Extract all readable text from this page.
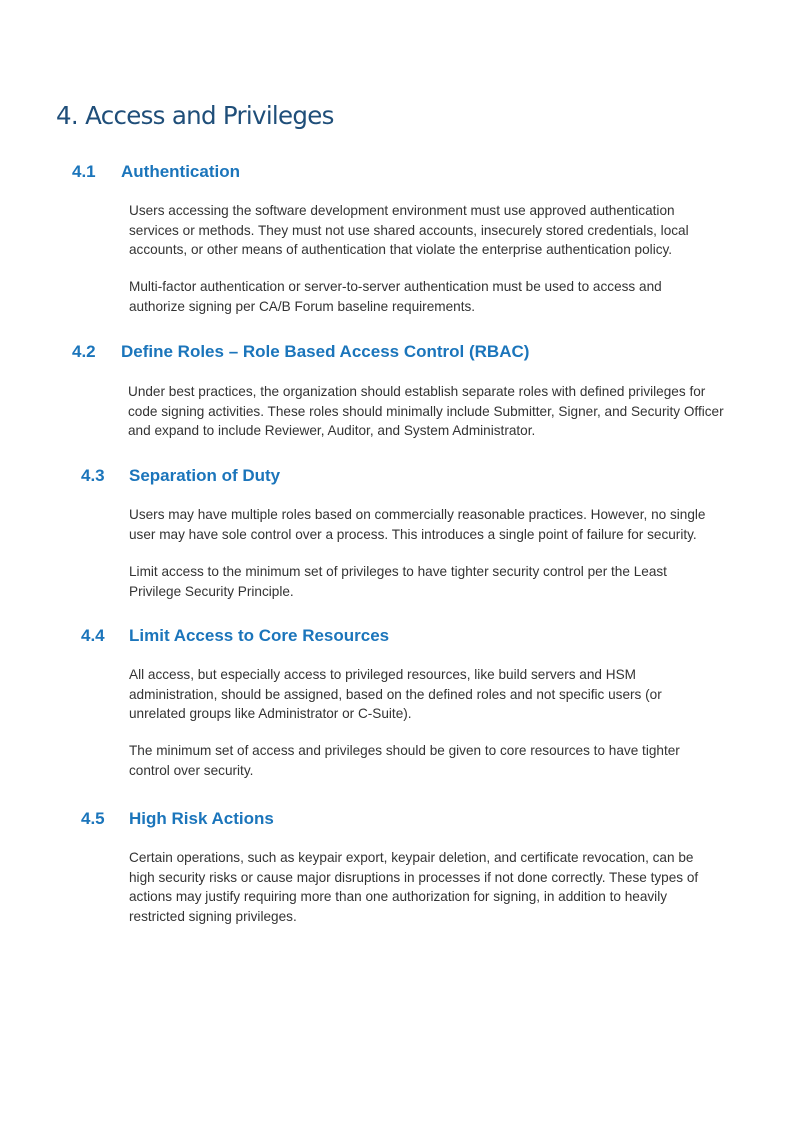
4. Access and Privileges
4.1 Authentication

Users accessing the software development environment must use approved authentication services or methods. They must not use shared accounts, insecurely stored credentials, local accounts, or other means of authentication that violate the enterprise authentication policy.

Multi-factor authentication or server-to-server authentication must be used to access and authorize signing per CA/B Forum baseline requirements.

4.2 Define Roles – Role Based Access Control (RBAC)

Under best practices, the organization should establish separate roles with defined privileges for code signing activities. These roles should minimally include Submitter, Signer, and Security Officer and expand to include Reviewer, Auditor, and System Administrator.

4.3 Separation of Duty

Users may have multiple roles based on commercially reasonable practices. However, no single user may have sole control over a process. This introduces a single point of failure for security.

Limit access to the minimum set of privileges to have tighter security control per the Least Privilege Security Principle.

4.4 Limit Access to Core Resources

All access, but especially access to privileged resources, like build servers and HSM administration, should be assigned, based on the defined roles and not specific users (or unrelated groups like Administrator or C-Suite).

The minimum set of access and privileges should be given to core resources to have tighter control over security.

4.5 High Risk Actions

Certain operations, such as keypair export, keypair deletion, and certificate revocation, can be high security risks or cause major disruptions in processes if not done correctly. These types of actions may justify requiring more than one authorization for signing, in addition to heavily restricted signing privileges.
